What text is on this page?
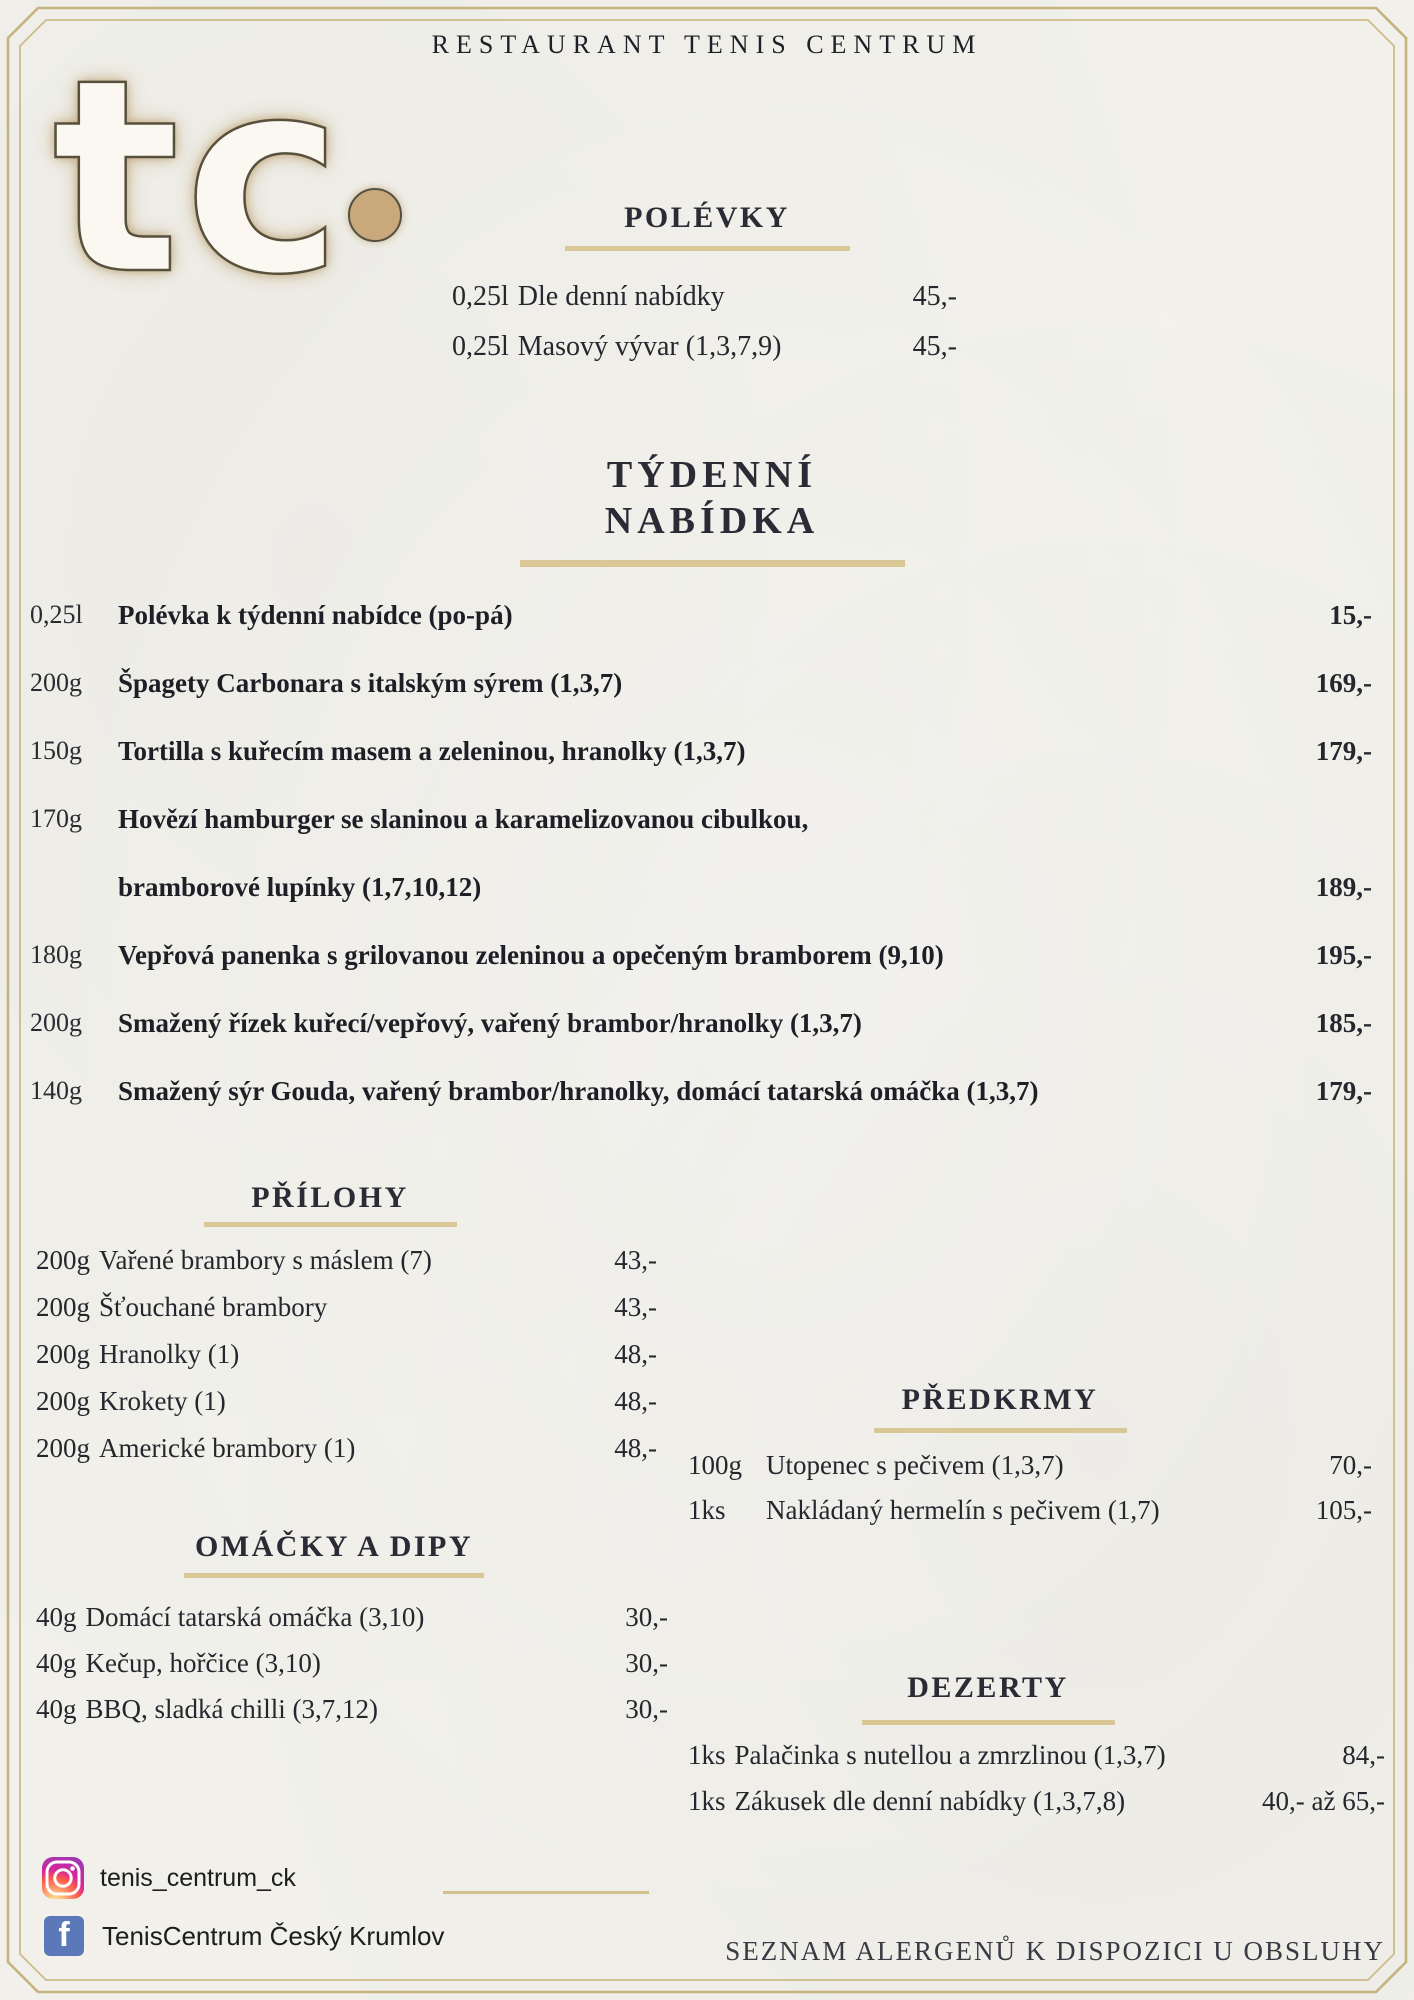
RESTAURANT TENIS CENTRUM
tc	POLÉVKY
0,25l Dle denní nabídky	45,-
0,25l Masový vývar (1,3,7,9)	45,-
TÝDENNÍ NABÍDKA
0,25l	Polévka k týdenní nabídce (po-pá)	15,-
200g	Špagety Carbonara s italským sýrem (1,3,7)	169,-
150g	Tortilla s kuřecím masem a zeleninou, hranolky (1,3,7)	179,-
170g	Hovězí hamburger se slaninou a karamelizovanou cibulkou,
bramborové lupínky (1,7,10,12)	189,-
180g	Vepřová panenka s grilovanou zeleninou a opečeným bramborem (9,10)	195,-
200g	Smažený řízek kuřecí/vepřový, vařený brambor/hranolky (1,3,7)	185,-
140g	Smažený sýr Gouda, vařený brambor/hranolky, domácí tatarská omáčka (1,3,7)	179,-
PŘÍLOHY
200g Vařené brambory s máslem (7)	43,-
200g Šťouchané brambory	43,-
200g Hranolky (1)	48,-
200g Krokety (1)	48,-
200g Americké brambory (1)	48,-
PŘEDKRMY
100g Utopenec s pečivem (1,3,7)	70,-
1ks	Nakládaný hermelín s pečivem (1,7)	105,-
OMÁČKY A DIPY
40g Domácí tatarská omáčka (3,10)	30,-
40g Kečup, hořčice (3,10)	30,-
40g BBQ, sladká chilli (3,7,12)	30,-
DEZERTY
1ks Palačinka s nutellou a zmrzlinou (1,3,7)	84,-
1ks Zákusek dle denní nabídky (1,3,7,8)	40,- až 65,-
tenis_centrum_ck
f	TenisCentrum Český Krumlov
SEZNAM ALERGENŮ K DISPOZICI U OBSLUHY
